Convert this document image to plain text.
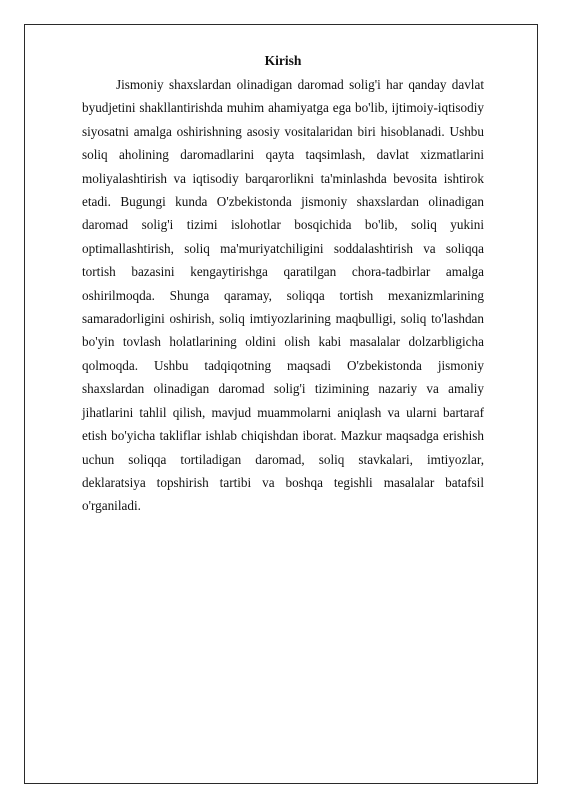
Kirish

Jismoniy shaxslardan olinadigan daromad solig'i har qanday davlat byudjetini shakllantirishda muhim ahamiyatga ega bo'lib, ijtimoiy-iqtisodiy siyosatni amalga oshirishning asosiy vositalaridan biri hisoblanadi. Ushbu soliq aholining daromadlarini qayta taqsimlash, davlat xizmatlarini moliyalashtirish va iqtisodiy barqarorlikni ta'minlashda bevosita ishtirok etadi. Bugungi kunda O'zbekistonda jismoniy shaxslardan olinadigan daromad solig'i tizimi islohotlar bosqichida bo'lib, soliq yukini optimallashtirish, soliq ma'muriyatchiligini soddalashtirish va soliqqa tortish bazasini kengaytirishga qaratilgan chora-tadbirlar amalga oshirilmoqda. Shunga qaramay, soliqqa tortish mexanizmlarining samaradorligini oshirish, soliq imtiyozlarining maqbulligi, soliq to'lashdan bo'yin tovlash holatlarining oldini olish kabi masalalar dolzarbligicha qolmoqda. Ushbu tadqiqotning maqsadi O'zbekistonda jismoniy shaxslardan olinadigan daromad solig'i tizimining nazariy va amaliy jihatlarini tahlil qilish, mavjud muammolarni aniqlash va ularni bartaraf etish bo'yicha takliflar ishlab chiqishdan iborat. Mazkur maqsadga erishish uchun soliqqa tortiladigan daromad, soliq stavkalari, imtiyozlar, deklaratsiya topshirish tartibi va boshqa tegishli masalalar batafsil o'rganiladi.
